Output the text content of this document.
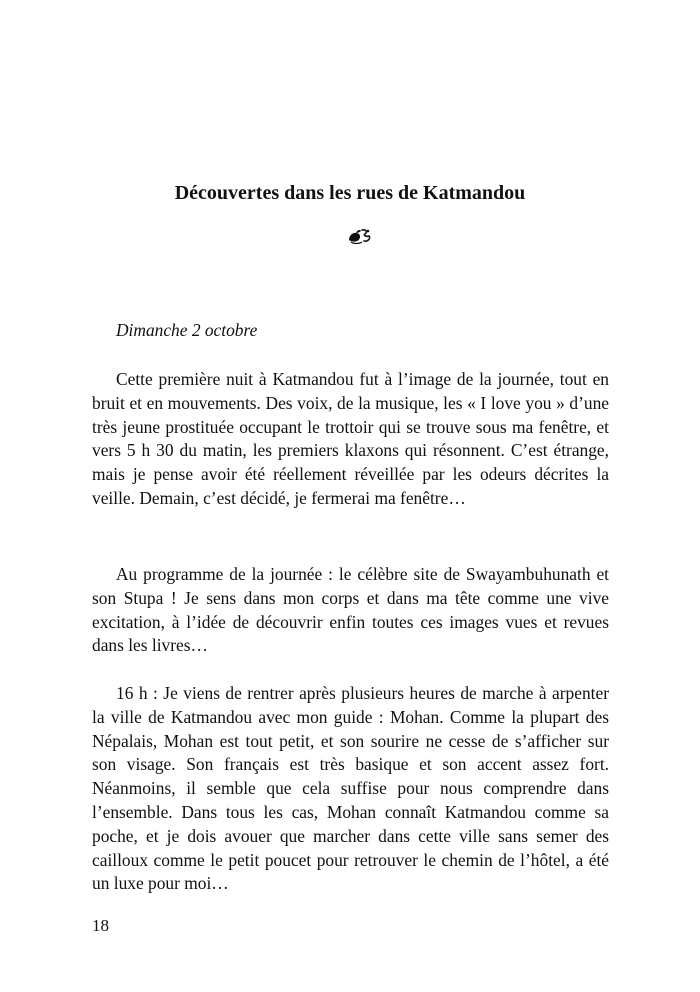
Découvertes dans les rues de Katmandou

Dimanche 2 octobre

Cette première nuit à Katmandou fut à l’image de la journée, tout en bruit et en mouvements. Des voix, de la musique, les « I love you » d’une très jeune prostituée occupant le trottoir qui se trouve sous ma fenêtre, et vers 5 h 30 du matin, les premiers klaxons qui résonnent. C’est étrange, mais je pense avoir été réellement réveillée par les odeurs décrites la veille. Demain, c’est décidé, je fermerai ma fenêtre…

Au programme de la journée : le célèbre site de Swayambuhunath et son Stupa ! Je sens dans mon corps et dans ma tête comme une vive excitation, à l’idée de découvrir enfin toutes ces images vues et revues dans les livres…

16 h : Je viens de rentrer après plusieurs heures de marche à arpenter la ville de Katmandou avec mon guide : Mohan. Comme la plupart des Népalais, Mohan est tout petit, et son sourire ne cesse de s’afficher sur son visage. Son français est très basique et son accent assez fort. Néanmoins, il semble que cela suffise pour nous comprendre dans l’ensemble. Dans tous les cas, Mohan connaît Katmandou comme sa poche, et je dois avouer que marcher dans cette ville sans semer des cailloux comme le petit poucet pour retrouver le chemin de l’hôtel, a été un luxe pour moi…

18
